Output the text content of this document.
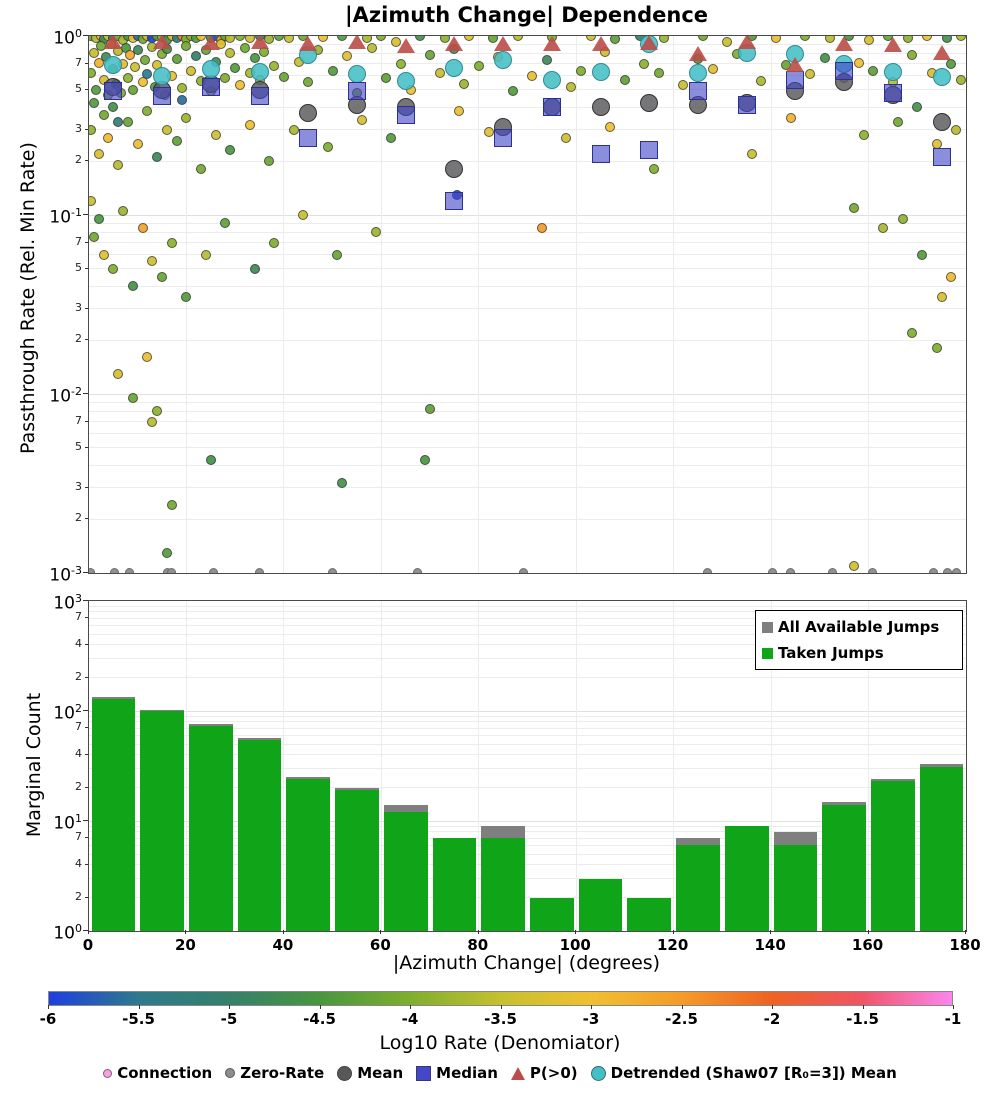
|Azimuth Change| Dependence
Passthrough Rate (Rel. Min Rate)
Marginal Count
All Available Jumps
Taken Jumps
|Azimuth Change| (degrees)
Log10 Rate (Denomiator)
Connection Zero-Rate Mean Median P(>0) Detrended (Shaw07 [R₀=3]) Mean
$10^0$
7
5
3
2
$10^{-1}$
7
5
3
2
$10^{-2}$
7
5
3
2
$10^{-3}$
$10^3$
7
4
2
$10^2$
7
4
2
$10^1$
7
4
2
$10^0$
0	20	40	60	80	100	120	140	160	180
-6	-5.5	-5	-4.5	-4	-3.5	-3	-2.5	-2	-1.5	-1
